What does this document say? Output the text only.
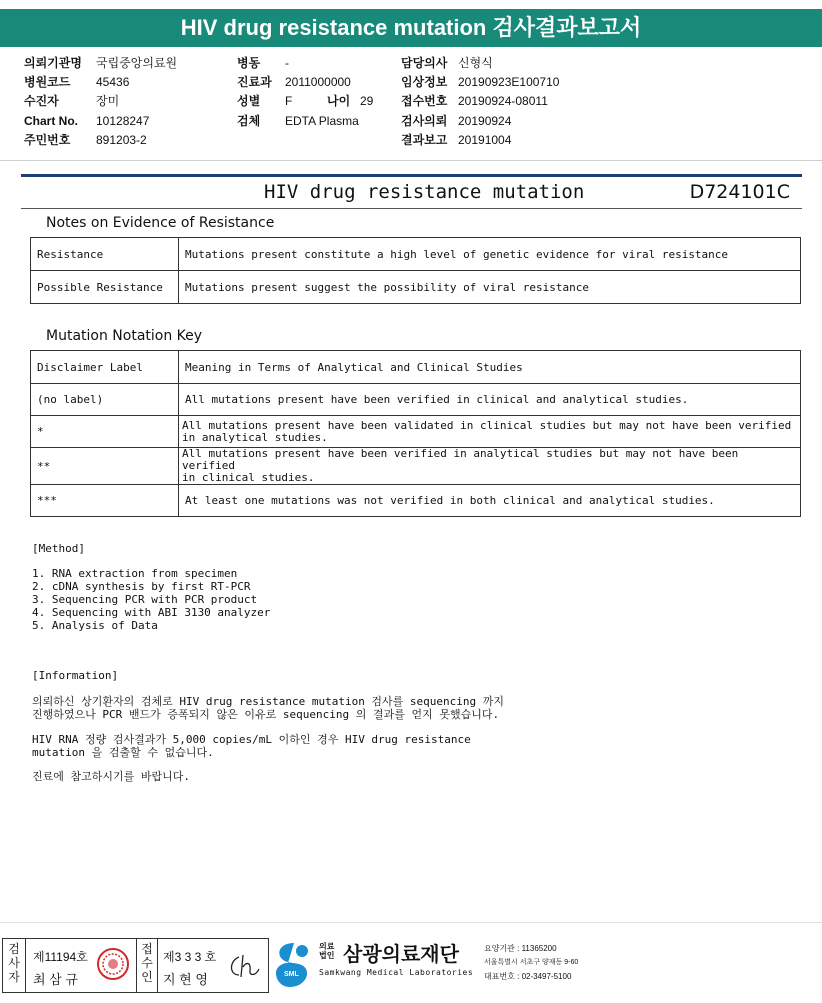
HIV drug resistance mutation 검사결과보고서
의뢰기관명 국립중앙의료원
병원코드 45436
수진자	장미
Chart No. 10128247
주민번호 891203-2
병동 -
진료과 2011000000
성별 F	나이 29
검체 EDTA Plasma
담당의사 신형식
임상정보 20190923E100710
접수번호 20190924-08011
검사의뢰 20190924
결과보고 20191004
HIV drug resistance mutation	D724101C
Notes on Evidence of Resistance
Resistance	Mutations present constitute a high level of genetic evidence for viral resistance
Possible Resistance	Mutations present suggest the possibility of viral resistance
Mutation Notation Key
Disclaimer Label	Meaning in Terms of Analytical and Clinical Studies
(no label)	All mutations present have been verified in clinical and analytical studies.
*	All mutations present have been validated in clinical studies but may not have been verified
in analytical studies.
**	All mutations present have been verified in analytical studies but may not have been verified
in clinical studies.
***	At least one mutations was not verified in both clinical and analytical studies.
[Method]
1. RNA extraction from specimen
2. cDNA synthesis by first RT-PCR
3. Sequencing PCR with PCR product
4. Sequencing with ABI 3130 analyzer
5. Analysis of Data
[Information]
의뢰하신 상기환자의 검체로 HIV drug resistance mutation 검사를 sequencing 까지
진행하였으나 PCR 밴드가 증폭되지 않은 이유로 sequencing 의 결과를 얻지 못했습니다.
HIV RNA 정량 검사결과가 5,000 copies/mL 이하인 경우 HIV drug resistance
mutation 을 검출할 수 없습니다.
진료에 참고하시기를 바랍니다.
검사자
제11194호
최 삼 규
접수인
제3 3 3 호
지 현 영	SML
의료
법인 삼광의료재단
Samkwang Medical Laboratories
요양기관 : 11365200
서울특별시 서초구 양재동 9-60
대표번호 : 02-3497-5100
